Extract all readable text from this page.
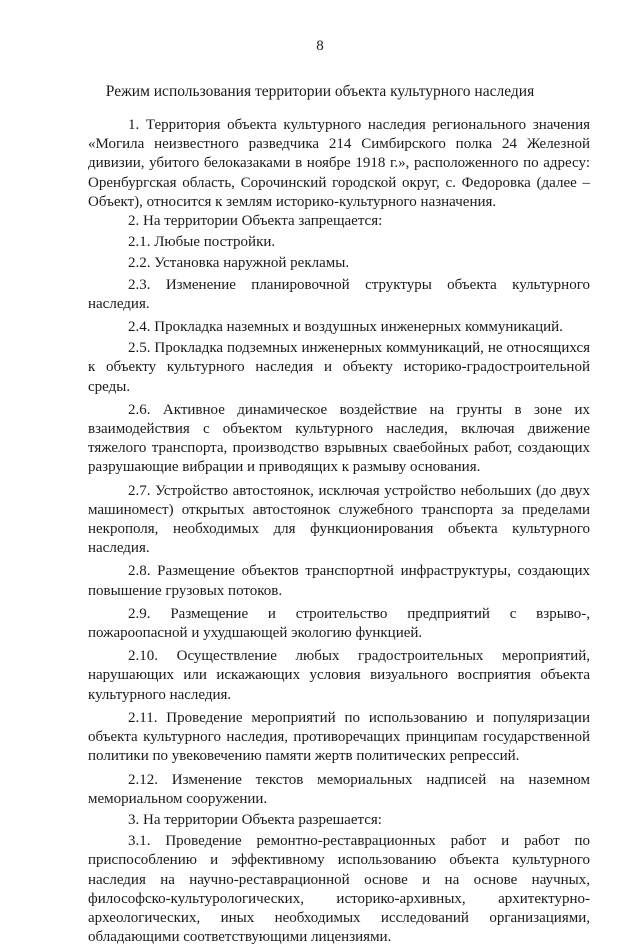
8
Режим использования территории объекта культурного наследия

1. Территория объекта культурного наследия регионального значения «Могила неизвестного разведчика 214 Симбирского полка 24 Железной дивизии, убитого белоказаками в ноябре 1918 г.», расположенного по адресу: Оренбургская область, Сорочинский городской округ, с. Федоровка (далее – Объект), относится к землям историко-культурного назначения.

2. На территории Объекта запрещается:

2.1. Любые постройки.

2.2. Установка наружной рекламы.

2.3. Изменение планировочной структуры объекта культурного наследия.

2.4. Прокладка наземных и воздушных инженерных коммуникаций.

2.5. Прокладка подземных инженерных коммуникаций, не относящихся к объекту культурного наследия и объекту историко-градостроительной среды.

2.6. Активное динамическое воздействие на грунты в зоне их взаимодействия с объектом культурного наследия, включая движение тяжелого транспорта, производство взрывных сваебойных работ, создающих разрушающие вибрации и приводящих к размыву основания.

2.7. Устройство автостоянок, исключая устройство небольших (до двух машиномест) открытых автостоянок служебного транспорта за пределами некрополя, необходимых для функционирования объекта культурного наследия.

2.8. Размещение объектов транспортной инфраструктуры, создающих повышение грузовых потоков.

2.9. Размещение и строительство предприятий с взрыво-, пожароопасной и ухудшающей экологию функцией.

2.10. Осуществление любых градостроительных мероприятий, нарушающих или искажающих условия визуального восприятия объекта культурного наследия.

2.11. Проведение мероприятий по использованию и популяризации объекта культурного наследия, противоречащих принципам государственной политики по увековечению памяти жертв политических репрессий.

2.12. Изменение текстов мемориальных надписей на наземном мемориальном сооружении.

3. На территории Объекта разрешается:

3.1. Проведение ремонтно-реставрационных работ и работ по приспособлению и эффективному использованию объекта культурного наследия на научно-реставрационной основе и на основе научных, философско-культурологических, историко-архивных, архитектурно-археологических, иных необходимых исследований организациями, обладающими соответствующими лицензиями.
